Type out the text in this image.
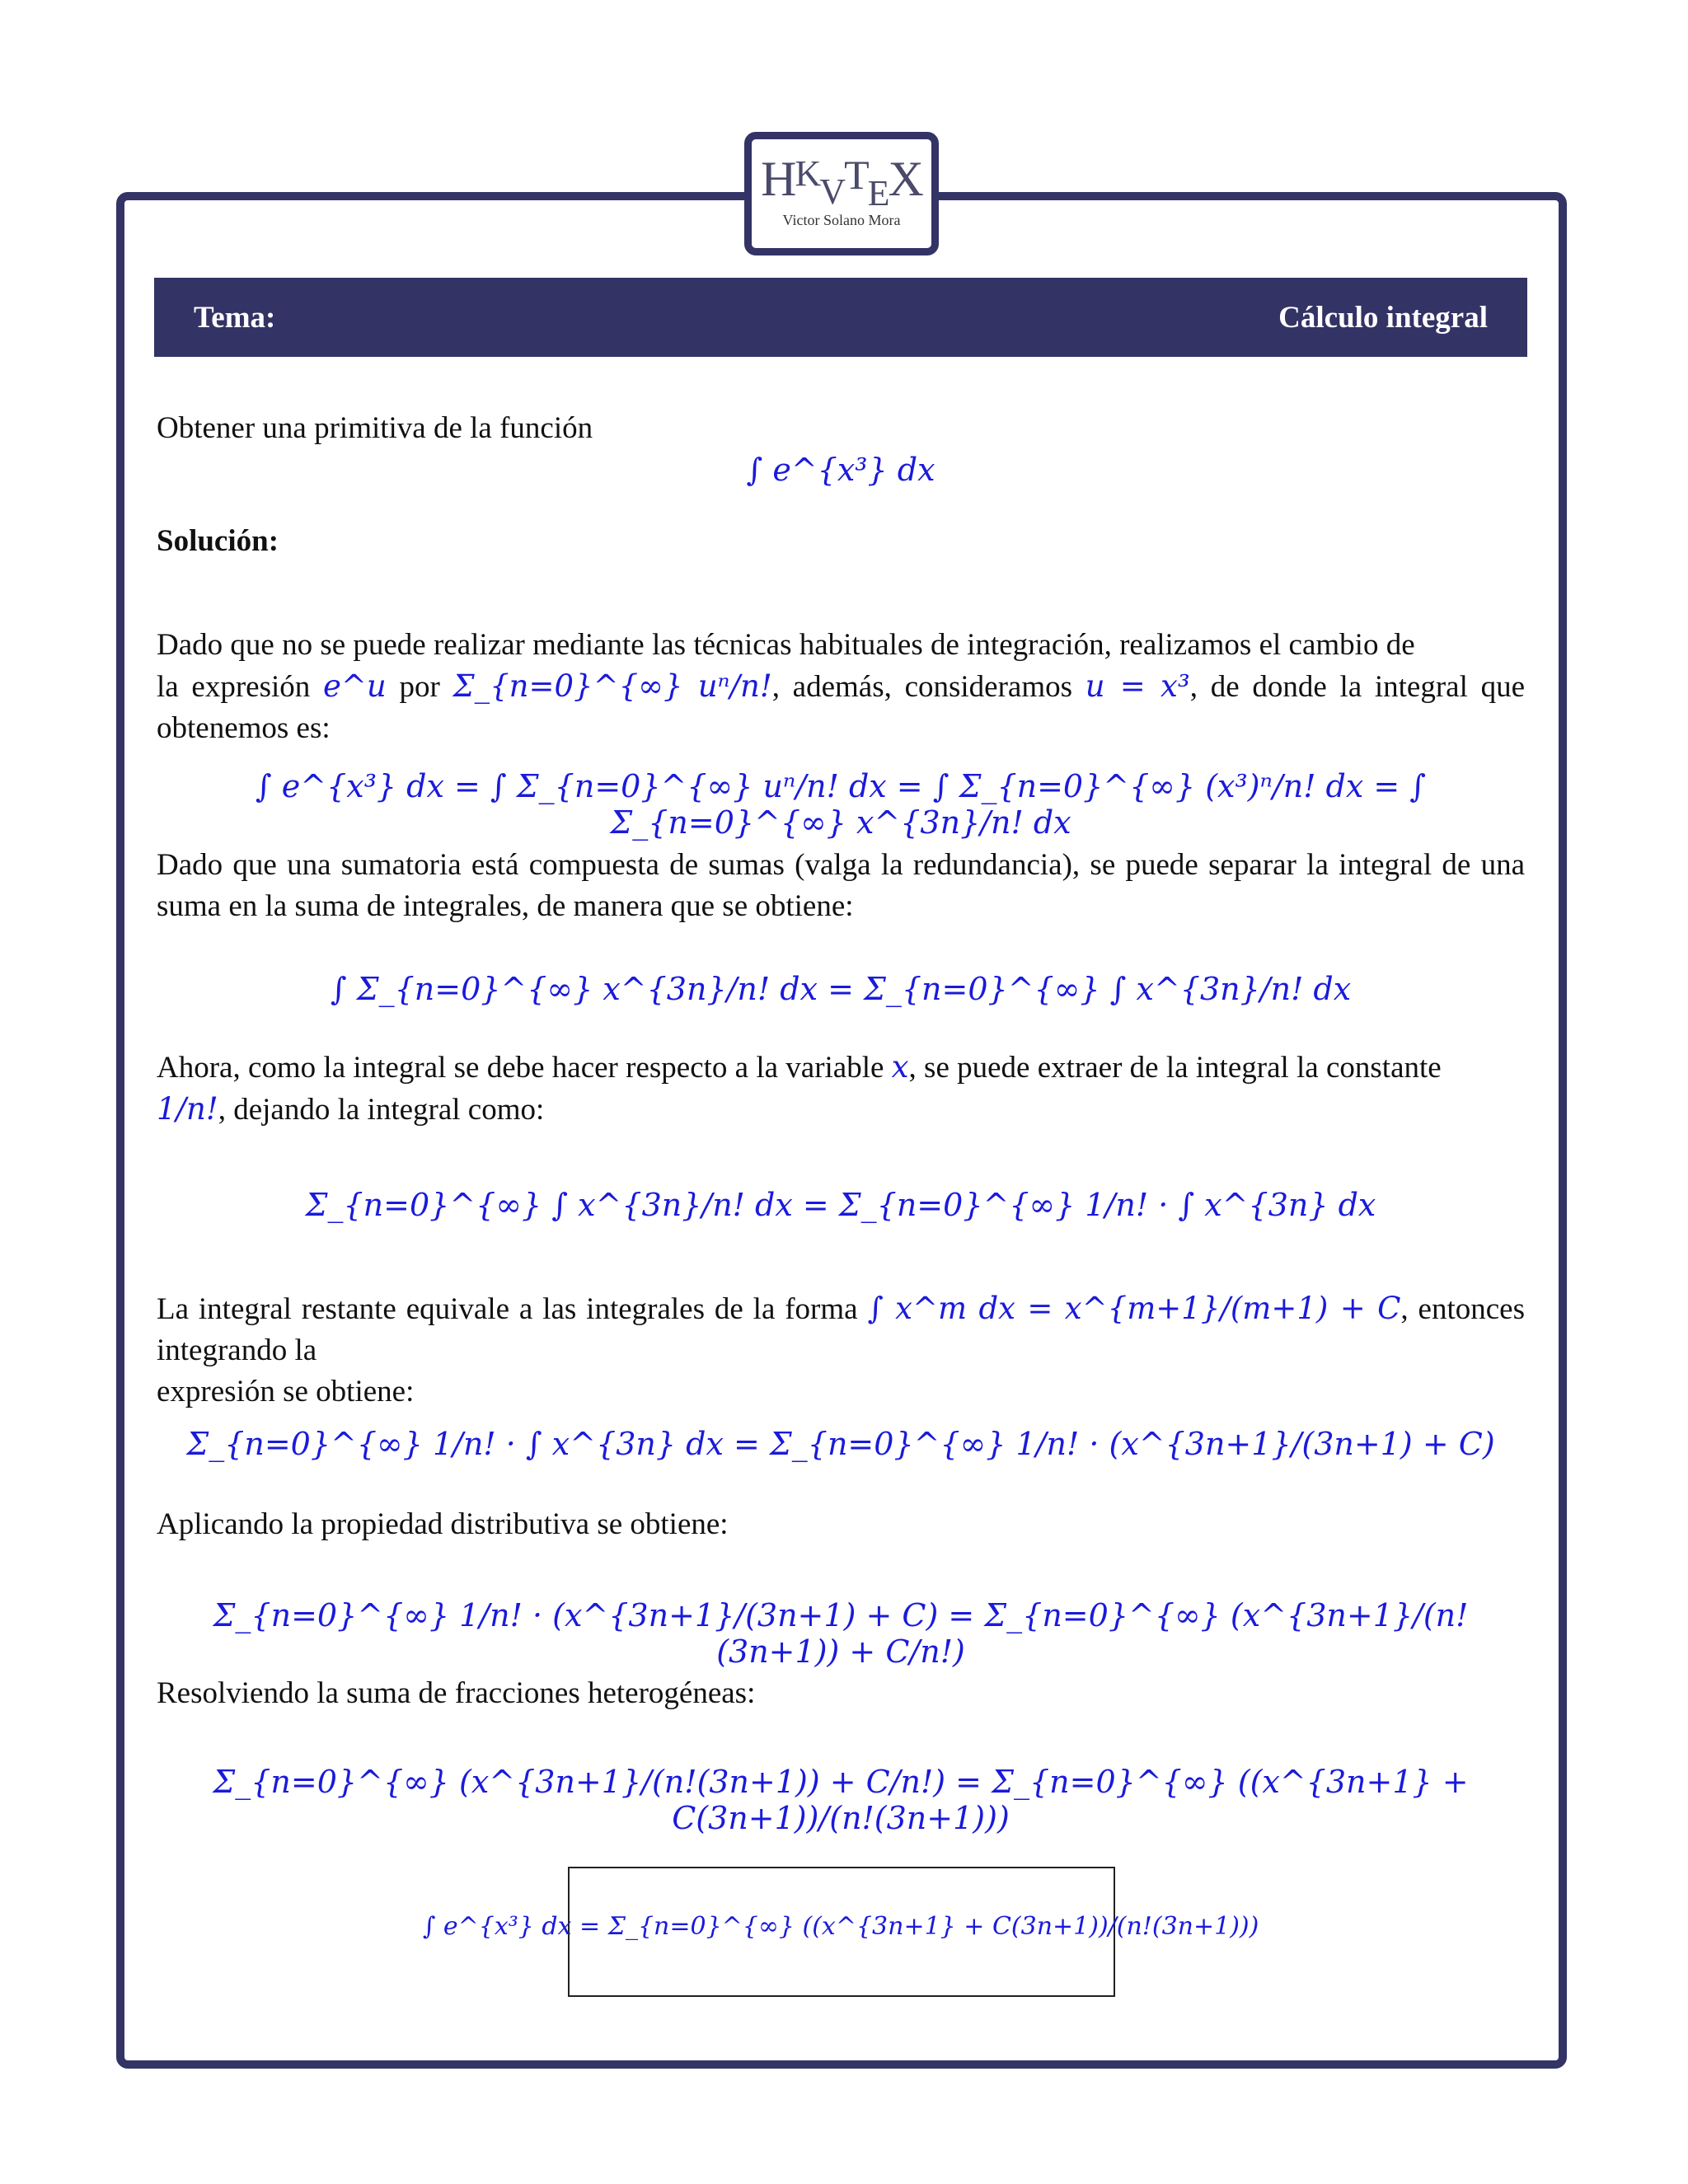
$H^KVT_EX$
Victor Solano Mora
Tema:	Cálculo integral
Obtener una primitiva de la función
∫ e^{x³} dx
Solución:
Dado que no se puede realizar mediante las técnicas habituales de integración, realizamos el cambio de
la expresión e^u por Σ_{n=0}^{∞} uⁿ/n!, además, consideramos u = x³, de donde la integral que obtenemos es:
∫ e^{x³} dx = ∫ Σ_{n=0}^{∞} uⁿ/n! dx = ∫ Σ_{n=0}^{∞} (x³)ⁿ/n! dx = ∫ Σ_{n=0}^{∞} x^{3n}/n! dx
Dado que una sumatoria está compuesta de sumas (valga la redundancia), se puede separar la integral de una suma en la suma de integrales, de manera que se obtiene:
∫ Σ_{n=0}^{∞} x^{3n}/n! dx = Σ_{n=0}^{∞} ∫ x^{3n}/n! dx
Ahora, como la integral se debe hacer respecto a la variable x, se puede extraer de la integral la constante
1/n!, dejando la integral como:
Σ_{n=0}^{∞} ∫ x^{3n}/n! dx = Σ_{n=0}^{∞} 1/n! · ∫ x^{3n} dx
La integral restante equivale a las integrales de la forma ∫ x^m dx = x^{m+1}/(m+1) + C, entonces integrando la
expresión se obtiene:
Σ_{n=0}^{∞} 1/n! · ∫ x^{3n} dx = Σ_{n=0}^{∞} 1/n! · (x^{3n+1}/(3n+1) + C)
Aplicando la propiedad distributiva se obtiene:
Σ_{n=0}^{∞} 1/n! · (x^{3n+1}/(3n+1) + C) = Σ_{n=0}^{∞} (x^{3n+1}/(n!(3n+1)) + C/n!)
Resolviendo la suma de fracciones heterogéneas:
Σ_{n=0}^{∞} (x^{3n+1}/(n!(3n+1)) + C/n!) = Σ_{n=0}^{∞} ((x^{3n+1} + C(3n+1))/(n!(3n+1)))
∫ e^{x³} dx = Σ_{n=0}^{∞} ((x^{3n+1} + C(3n+1))/(n!(3n+1)))
